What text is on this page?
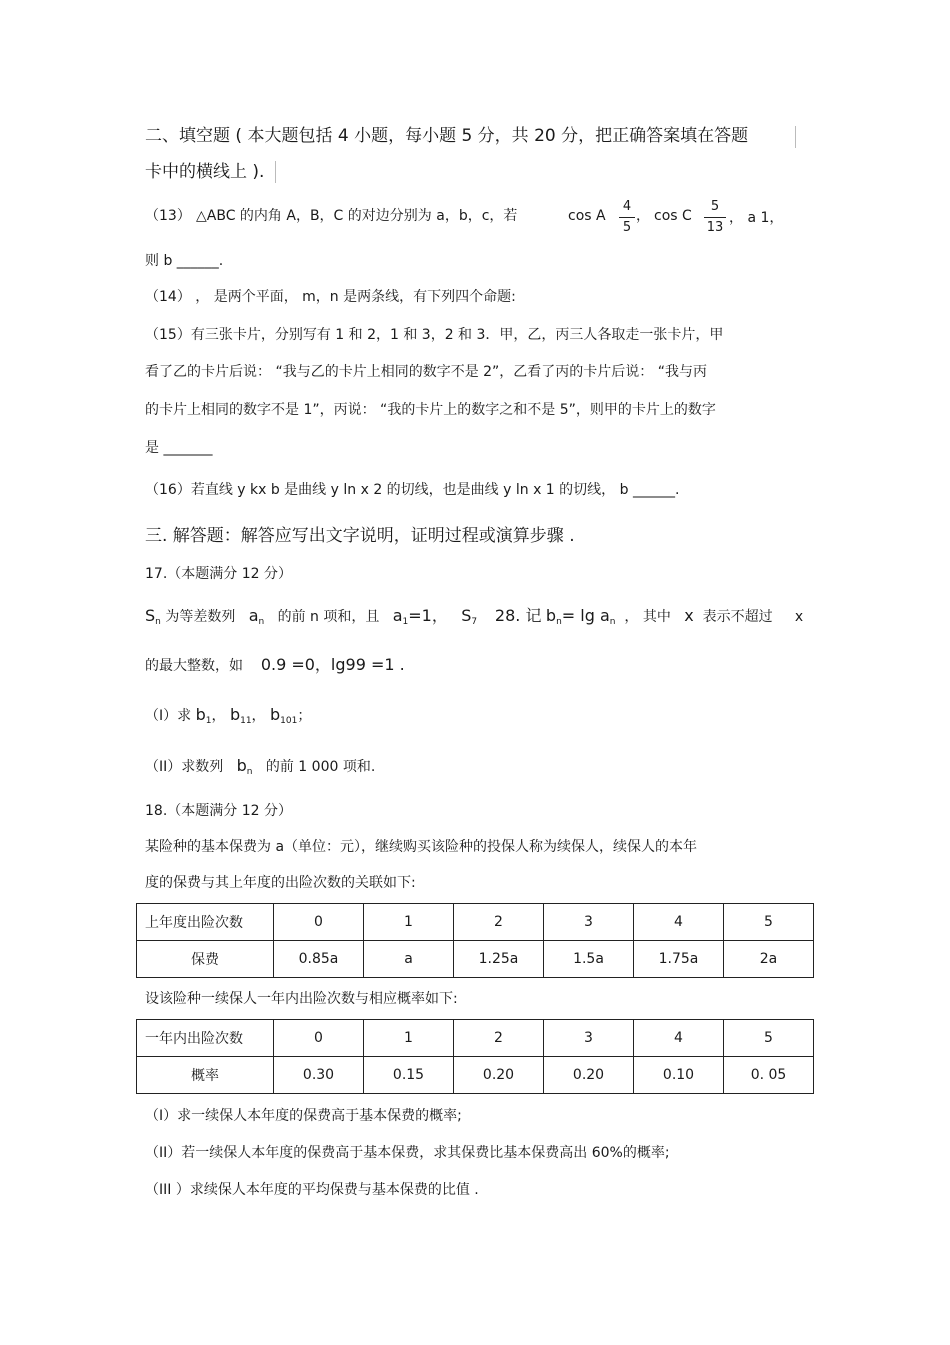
二、填空题 ( 本大题包括 4 小题，每小题 5 分，共 20 分，把正确答案填在答题
卡中的横线上 ).
（13） △ABC 的内角 A，B，C 的对边分别为 a，b，c，若	cos A
4
5
， cos C
5
13
， a 1，
则 b ______.
（14） ， 是两个平面， m，n 是两条线，有下列四个命题:
（15）有三张卡片，分别写有 1 和 2，1 和 3，2 和 3．甲，乙，丙三人各取走一张卡片，甲
看了乙的卡片后说： “我与乙的卡片上相同的数字不是 2”，乙看了丙的卡片后说： “我与丙
的卡片上相同的数字不是 1”，丙说： “我的卡片上的数字之和不是 5”，则甲的卡片上的数字
是 _______
（16）若直线 y kx b 是曲线 y ln x 2 的切线，也是曲线 y ln x 1 的切线， b ______.
三. 解答题：解答应写出文字说明，证明过程或演算步骤 .
17.（本题满分 12 分）
$S_n$ 为等差数列 $a_n$ 的前 n 项和，且 $a_1=1$， $S_7$ 28. 记 $b_n= \lg a_n$ ， 其中 x 表示不超过 x
的最大整数，如 0.9 =0，lg99 =1 .
（I）求 $b_1$， $b_{11}$， $b_{101}$；
（II）求数列 $b_n$ 的前 1 000 项和.
18.（本题满分 12 分）
某险种的基本保费为 a（单位：元），继续购买该险种的投保人称为续保人，续保人的本年
度的保费与其上年度的出险次数的关联如下:
上年度出险次数	0	1	2	3	4	5
保费	0.85a	a	1.25a	1.5a	1.75a	2a
设该险种一续保人一年内出险次数与相应概率如下:
一年内出险次数	0	1	2	3	4	5
概率	0.30	0.15	0.20	0.20	0.10	0. 05
（I）求一续保人本年度的保费高于基本保费的概率;
（II）若一续保人本年度的保费高于基本保费，求其保费比基本保费高出 60%的概率;
（III ）求续保人本年度的平均保费与基本保费的比值 .
